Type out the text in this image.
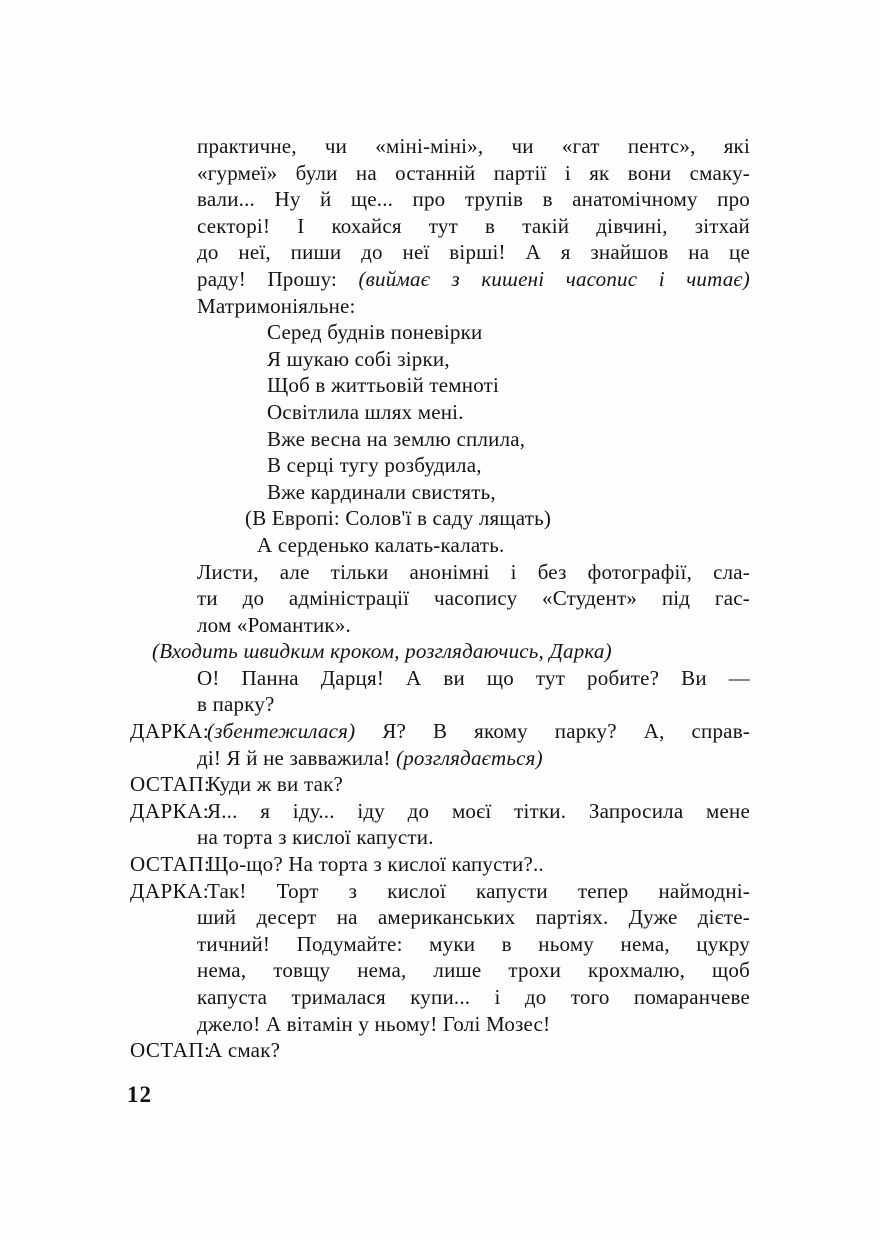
практичне, чи «міні-міні», чи «гат пентс», які
«гурмеї» були на останній партії і як вони смаку-
вали... Ну й ще... про трупів в анатомічному про
секторі! І кохайся тут в такій дівчині, зітхай
до неї, пиши до неї вірші! А я знайшов на це
раду! Прошу: (виймає з кишені часопис і читає)
Матримоніяльне:
Серед буднів поневірки
Я шукаю собі зірки,
Щоб в життьовій темноті
Освітлила шлях мені.
Вже весна на землю сплила,
В серці тугу розбудила,
Вже кардинали свистять,
(В Европі: Солов'ї в саду лящать)
А серденько калать-калать.
Листи, але тільки анонімні і без фотографії, сла-
ти до адміністрації часопису «Студент» під гас-
лом «Романтик».
(Входить швидким кроком, розглядаючись, Дарка)
О! Панна Дарця! А ви що тут робите? Ви —
в парку?
ДАРКА:
(збентежилася) Я? В якому парку? А, справ-
ді! Я й не завважила! (розглядається)
ОСТАП:
Куди ж ви так?
ДАРКА:
Я... я іду... іду до моєї тітки. Запросила мене
на торта з кислої капусти.
ОСТАП:
Що-що? На торта з кислої капусти?..
ДАРКА:
Так! Торт з кислої капусти тепер наймодні-
ший десерт на американських партіях. Дуже дієте-
тичний! Подумайте: муки в ньому нема, цукру
нема, товщу нема, лише трохи крохмалю, щоб
капуста трималася купи... і до того помаранчеве
джело! А вітамін у ньому! Голі Мозес!
ОСТАП:
А смак?
12
